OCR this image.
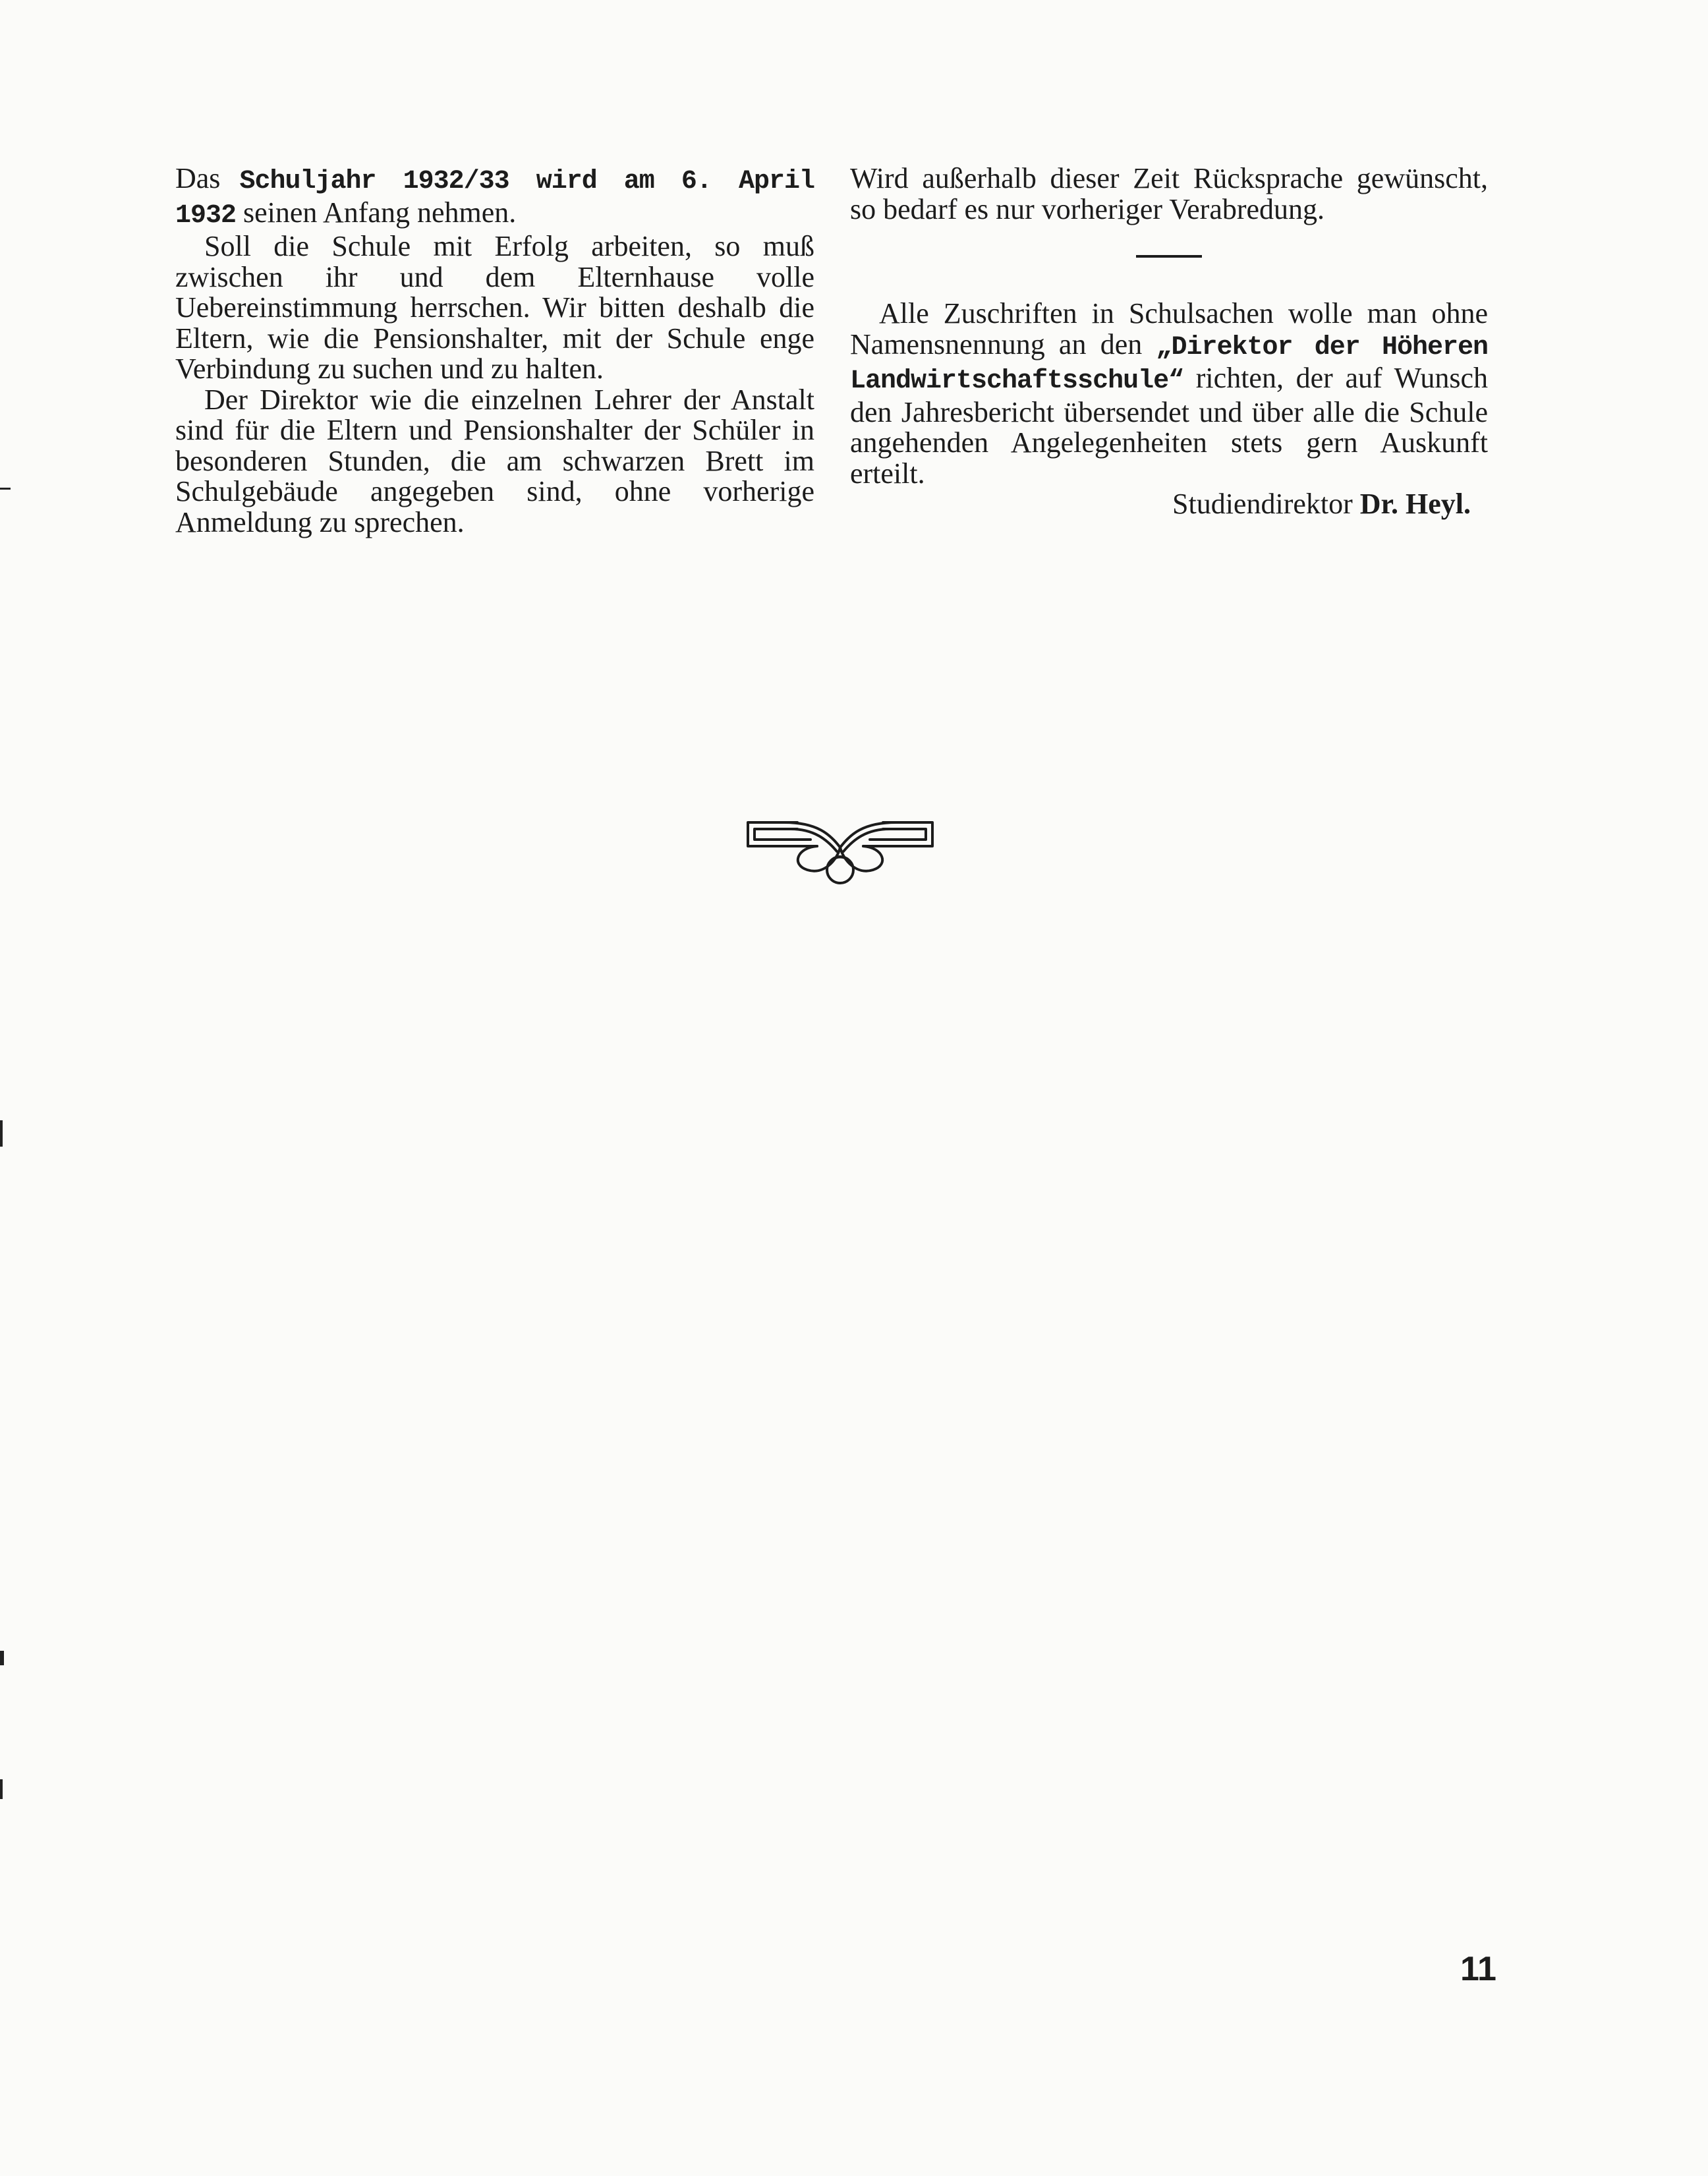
Das Schuljahr 1932/33 wird am 6. April 1932 seinen Anfang nehmen.

Soll die Schule mit Erfolg arbeiten, so muß zwischen ihr und dem Elternhause volle Uebereinstimmung herrschen. Wir bitten deshalb die Eltern, wie die Pensionshalter, mit der Schule enge Verbindung zu suchen und zu halten.

Der Direktor wie die einzelnen Lehrer der Anstalt sind für die Eltern und Pensionshalter der Schüler in besonderen Stunden, die am schwarzen Brett im Schulgebäude angegeben sind, ohne vorherige Anmeldung zu sprechen.

Wird außerhalb dieser Zeit Rücksprache gewünscht, so bedarf es nur vorheriger Verabredung.

Alle Zuschriften in Schulsachen wolle man ohne Namensnennung an den „Direktor der Höheren Landwirtschaftsschule“ richten, der auf Wunsch den Jahresbericht übersendet und über alle die Schule angehenden Angelegenheiten stets gern Auskunft erteilt.

Studiendirektor Dr. Heyl.

11
